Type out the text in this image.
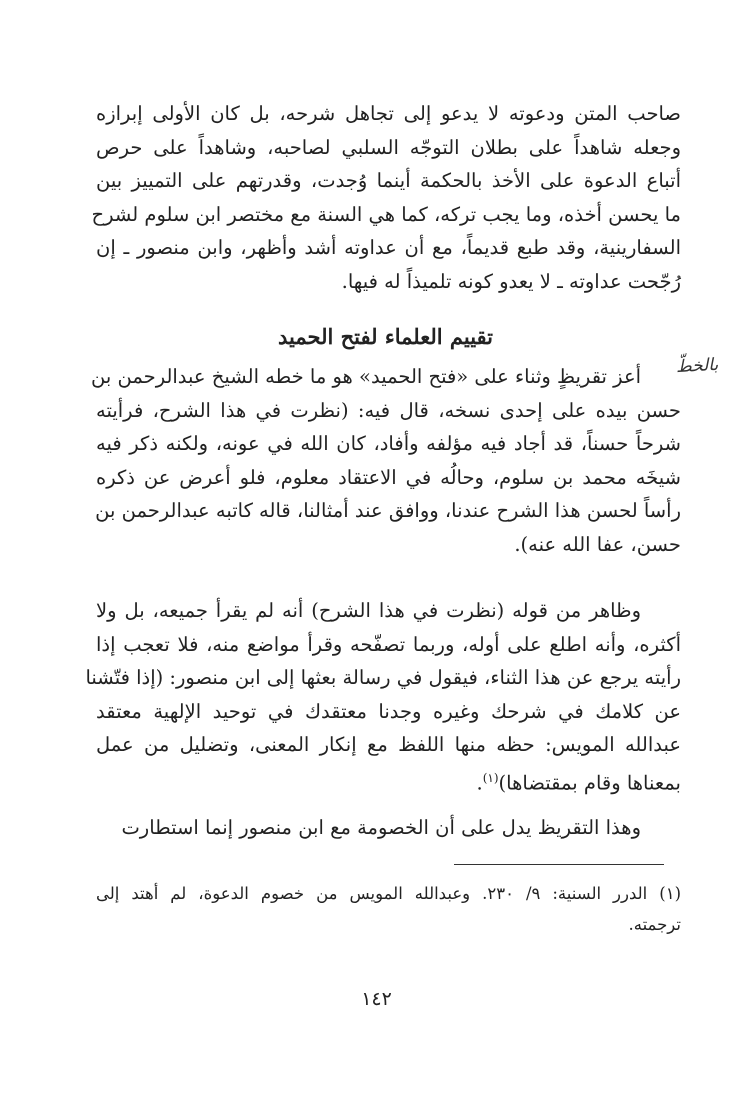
صاحب المتن ودعوته لا يدعو إلى تجاهل شرحه، بل كان الأولى إبرازه
وجعله شاهداً على بطلان التوجّه السلبي لصاحبه، وشاهداً على حرص
أتباع الدعوة على الأخذ بالحكمة أينما وُجدت، وقدرتهم على التمييز بين
ما يحسن أخذه، وما يجب تركه، كما هي السنة مع مختصر ابن سلوم لشرح
السفارينية، وقد طبع قديماً، مع أن عداوته أشد وأظهر، وابن منصور ـ إن
رُجّحت عداوته ـ لا يعدو كونه تلميذاً له فيها.
تقييم العلماء لفتح الحميد
بالخطّ
أعز تقريظٍ وثناء على «فتح الحميد» هو ما خطه الشيخ عبدالرحمن بن
حسن بيده على إحدى نسخه، قال فيه: (نظرت في هذا الشرح، فرأيته
شرحاً حسناً، قد أجاد فيه مؤلفه وأفاد، كان الله في عونه، ولكنه ذكر فيه
شيخَه محمد بن سلوم، وحالُه في الاعتقاد معلوم، فلو أعرض عن ذكره
رأساً لحسن هذا الشرح عندنا، ووافق عند أمثالنا، قاله كاتبه عبدالرحمن بن
حسن، عفا الله عنه).
وظاهر من قوله (نظرت في هذا الشرح) أنه لم يقرأ جميعه، بل ولا
أكثره، وأنه اطلع على أوله، وربما تصفّحه وقرأ مواضع منه، فلا تعجب إذا
رأيته يرجع عن هذا الثناء، فيقول في رسالة بعثها إلى ابن منصور: (إذا فتّشنا
عن كلامك في شرحك وغيره وجدنا معتقدك في توحيد الإلهية معتقد
عبدالله المويس: حظه منها اللفظ مع إنكار المعنى، وتضليل من عمل
بمعناها وقام بمقتضاها)$^{(١)}$.
وهذا التقريظ يدل على أن الخصومة مع ابن منصور إنما استطارت
(١) الدرر السنية: ٩/ ٢٣٠. وعبدالله المويس من خصوم الدعوة، لم أهتد إلى
ترجمته.
١٤٢
